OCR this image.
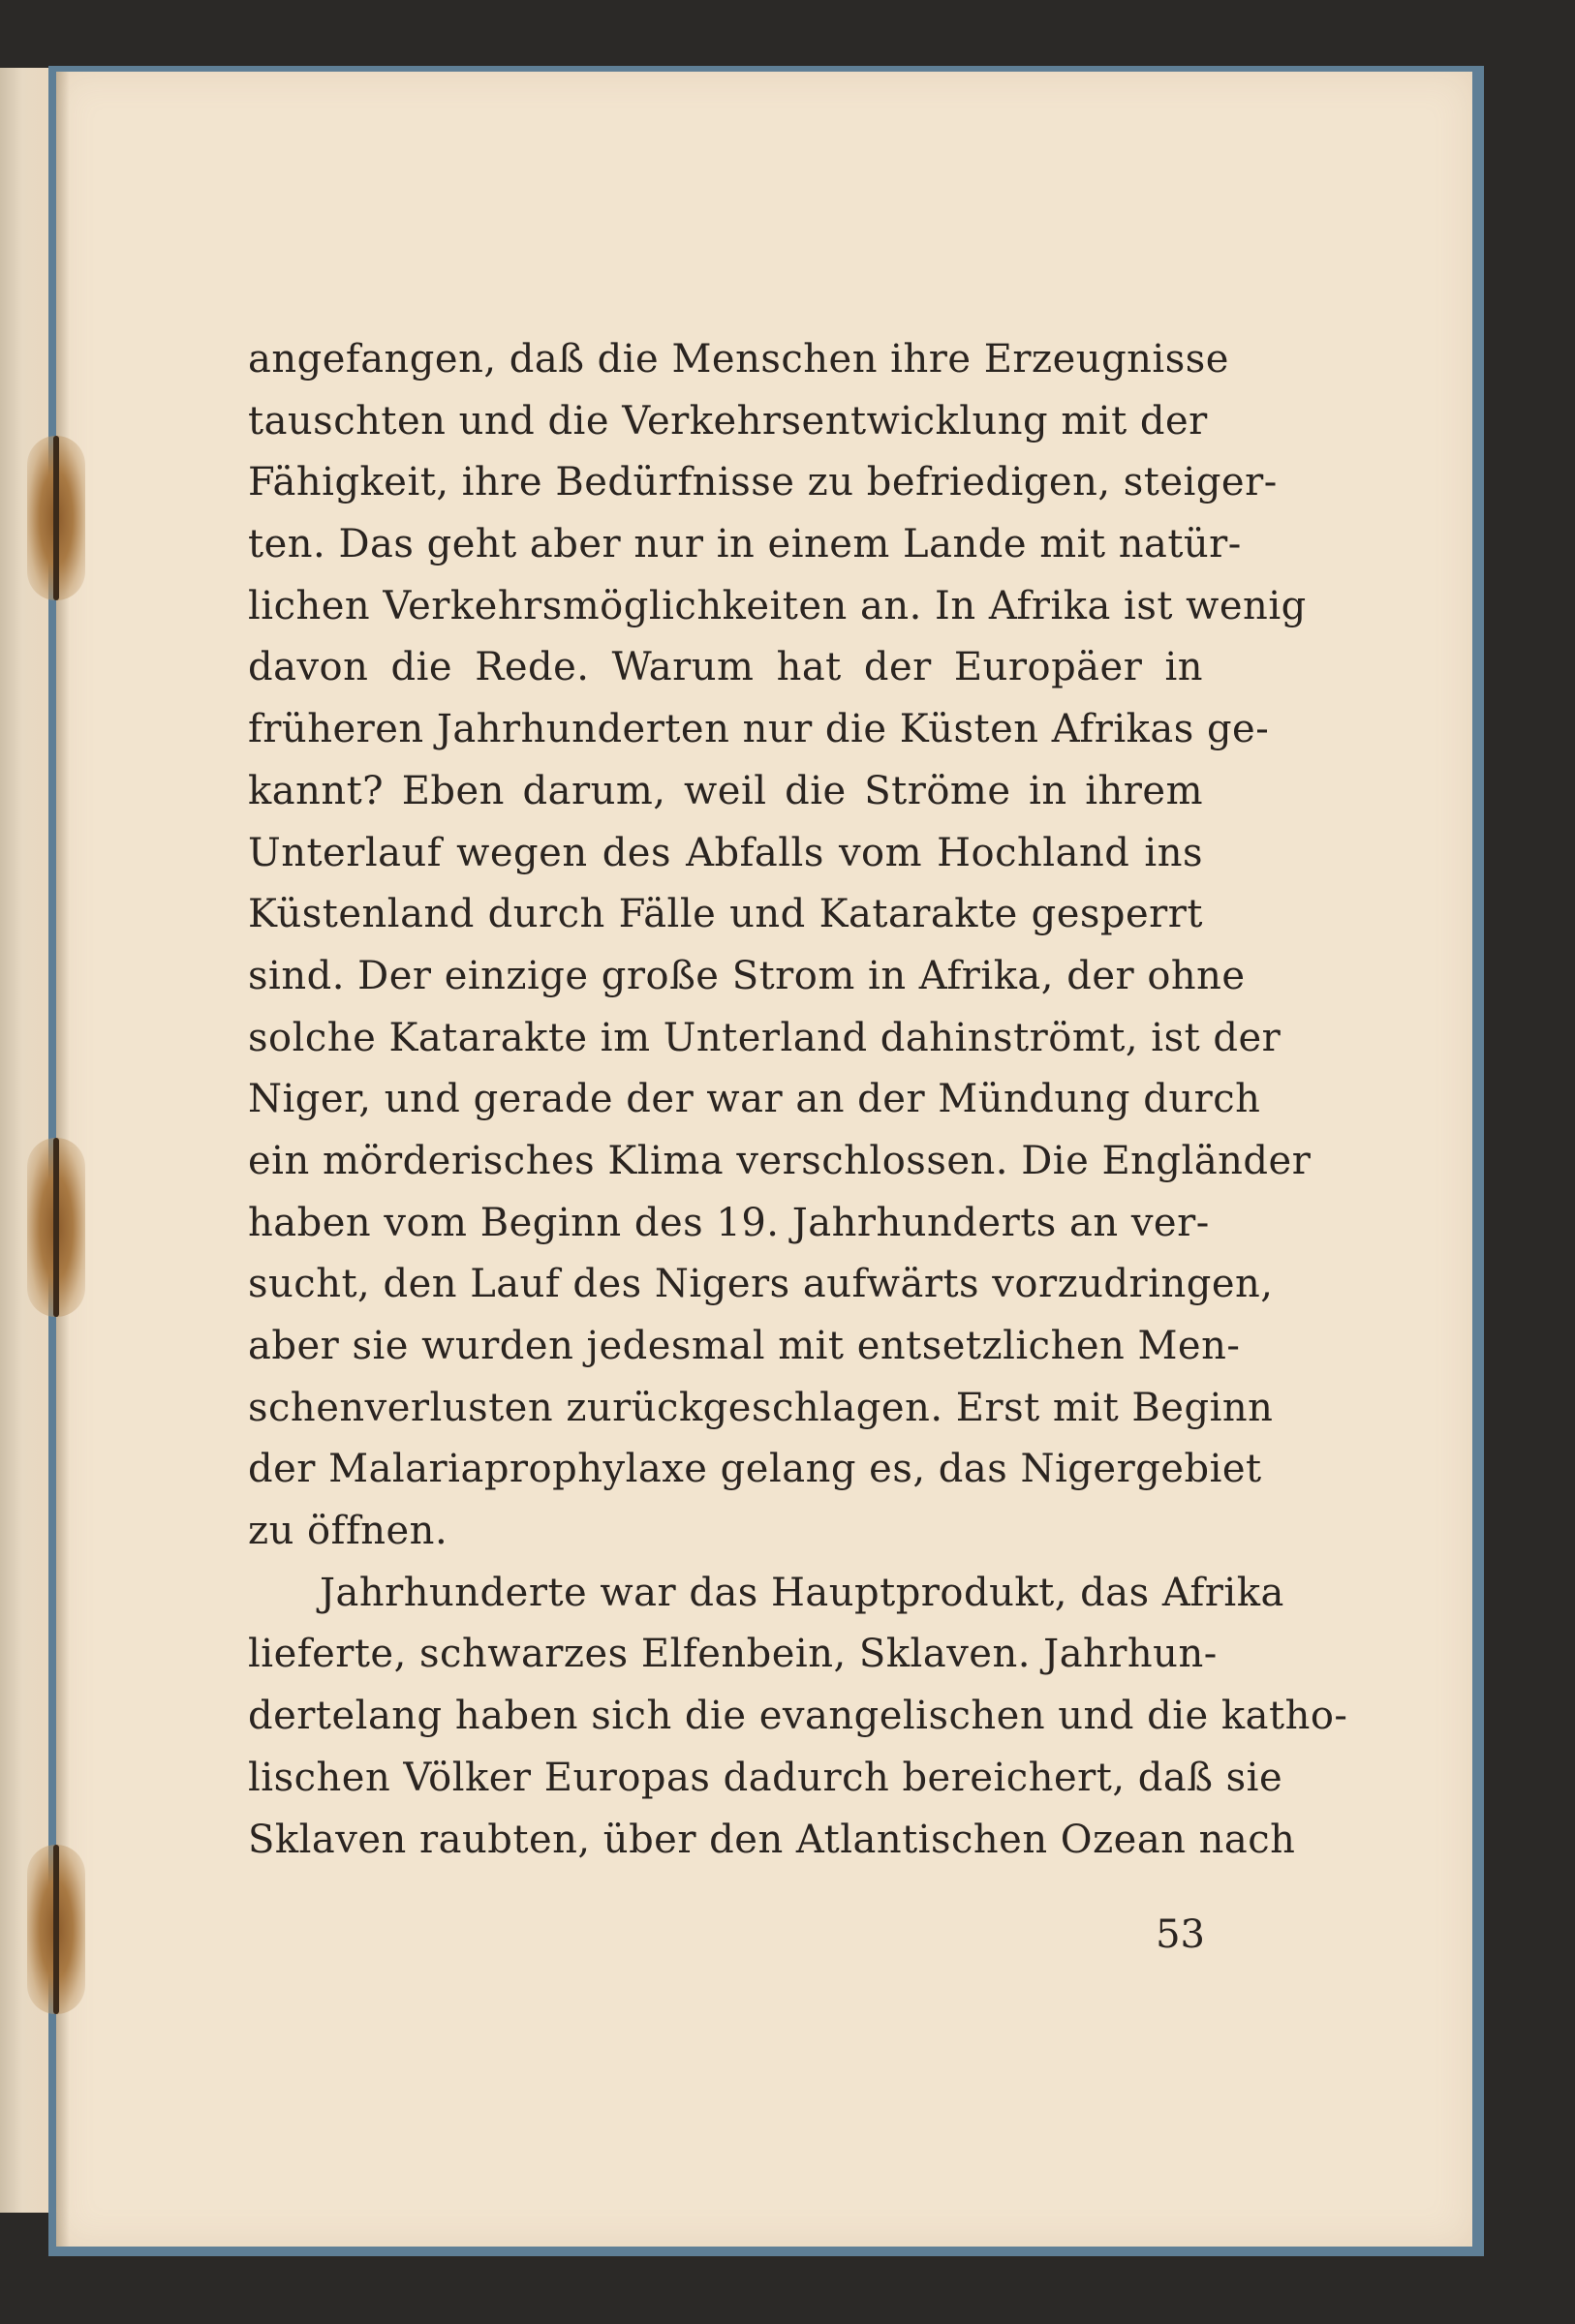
angefangen, daß die Menschen ihre Erzeugnisse
tauschten und die Verkehrsentwicklung mit der
Fähigkeit, ihre Bedürfnisse zu befriedigen, steiger-
ten. Das geht aber nur in einem Lande mit natür-
lichen Verkehrsmöglichkeiten an. In Afrika ist wenig
davon die Rede. Warum hat der Europäer in
früheren Jahrhunderten nur die Küsten Afrikas ge-
kannt? Eben darum, weil die Ströme in ihrem
Unterlauf wegen des Abfalls vom Hochland ins
Küstenland durch Fälle und Katarakte gesperrt
sind. Der einzige große Strom in Afrika, der ohne
solche Katarakte im Unterland dahinströmt, ist der
Niger, und gerade der war an der Mündung durch
ein mörderisches Klima verschlossen. Die Engländer
haben vom Beginn des 19. Jahrhunderts an ver-
sucht, den Lauf des Nigers aufwärts vorzudringen,
aber sie wurden jedesmal mit entsetzlichen Men-
schenverlusten zurückgeschlagen. Erst mit Beginn
der Malariaprophylaxe gelang es, das Nigergebiet
zu öffnen.
Jahrhunderte war das Hauptprodukt, das Afrika
lieferte, schwarzes Elfenbein, Sklaven. Jahrhun-
dertelang haben sich die evangelischen und die katho-
lischen Völker Europas dadurch bereichert, daß sie
Sklaven raubten, über den Atlantischen Ozean nach
53
